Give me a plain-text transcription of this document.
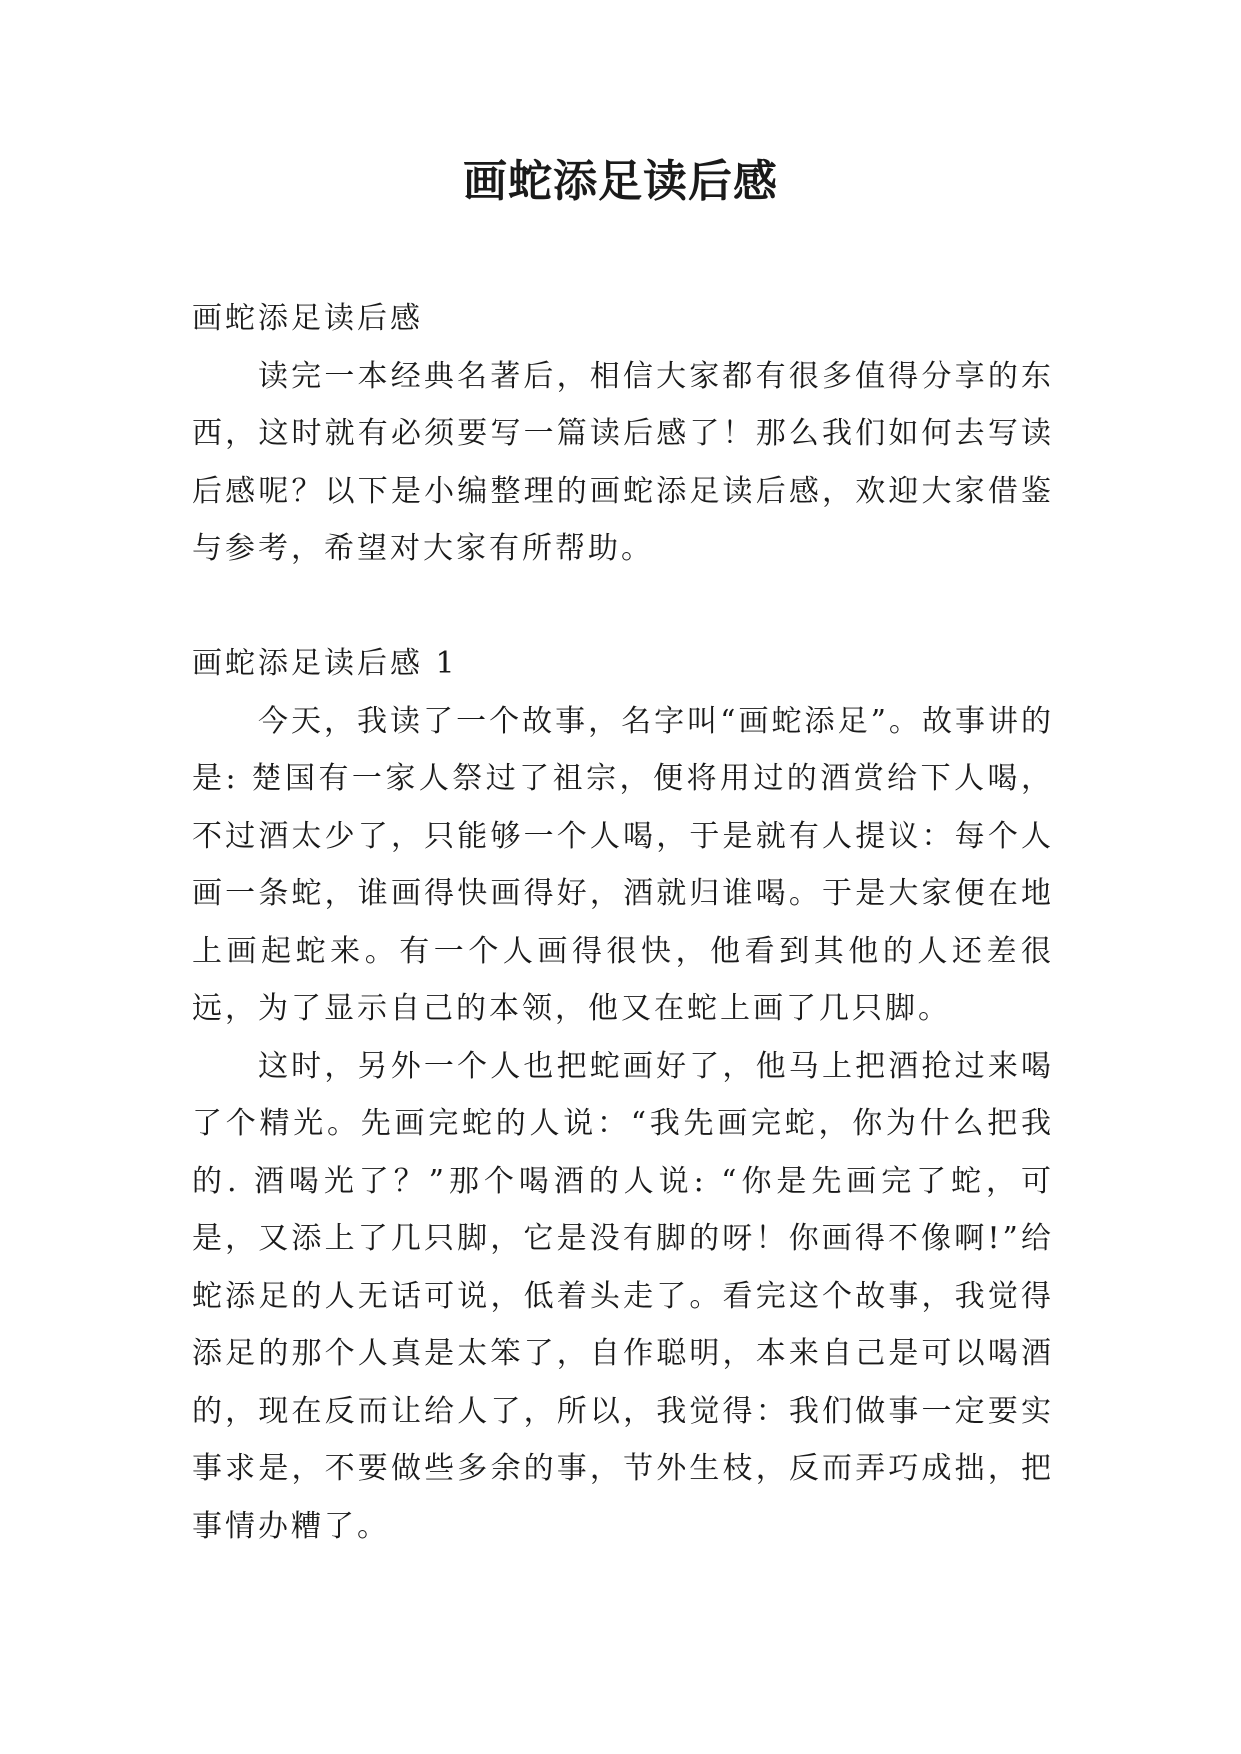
画蛇添足读后感

画蛇添足读后感

读完一本经典名著后，相信大家都有很多值得分享的东西，这时就有必须要写一篇读后感了！那么我们如何去写读后感呢？以下是小编整理的画蛇添足读后感，欢迎大家借鉴与参考，希望对大家有所帮助。

画蛇添足读后感 1

今天，我读了一个故事，名字叫“画蛇添足”。故事讲的是: 楚国有一家人祭过了祖宗，便将用过的酒赏给下人喝，不过酒太少了，只能够一个人喝，于是就有人提议：每个人画一条蛇，谁画得快画得好，酒就归谁喝。于是大家便在地上画起蛇来。有一个人画得很快，他看到其他的人还差很远，为了显示自己的本领，他又在蛇上画了几只脚。

这时，另外一个人也把蛇画好了，他马上把酒抢过来喝了个精光。先画完蛇的人说：“我先画完蛇，你为什么把我的. 酒喝光了？”那个喝酒的人说: “你是先画完了蛇，可是，又添上了几只脚，它是没有脚的呀！你画得不像啊!”给蛇添足的人无话可说，低着头走了。看完这个故事，我觉得添足的那个人真是太笨了，自作聪明，本来自己是可以喝酒的，现在反而让给人了，所以，我觉得：我们做事一定要实事求是，不要做些多余的事，节外生枝，反而弄巧成拙，把事情办糟了。
